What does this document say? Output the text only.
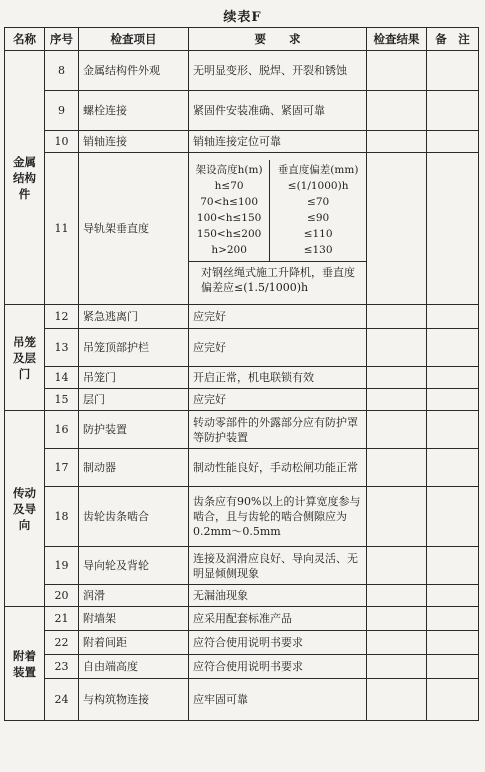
续表F
名称	序号	检查项目	要　　求	检查结果	备　注
金属结构件	8	金属结构件外观	无明显变形、脱焊、开裂和锈蚀		
9	螺栓连接	紧固件安装准确、紧固可靠		
10	销轴连接	销轴连接定位可靠		
11	导轨架垂直度	
架设高度h(m)	垂直度偏差(mm)
h≤70	≤(1/1000)h
70<h≤100	≤70
100<h≤150	≤90
150<h≤200	≤110
h>200	≤130
对钢丝绳式施工升降机，垂直度偏差应≤(1.5/1000)h

吊笼及层门	12	紧急逃离门	应完好		
13	吊笼顶部护栏	应完好		
14	吊笼门	开启正常，机电联锁有效		
15	层门	应完好		
传动及导向	16	防护装置	转动零部件的外露部分应有防护罩等防护装置		
17	制动器	制动性能良好，手动松闸功能正常		
18	齿轮齿条啮合	齿条应有90%以上的计算宽度参与啮合，且与齿轮的啮合侧隙应为0.2mm～0.5mm		
19	导向轮及背轮	连接及润滑应良好、导向灵活、无明显倾侧现象		
20	润滑	无漏油现象		
附着装置	21	附墙架	应采用配套标准产品		
22	附着间距	应符合使用说明书要求		
23	自由端高度	应符合使用说明书要求		
24	与构筑物连接	应牢固可靠		
